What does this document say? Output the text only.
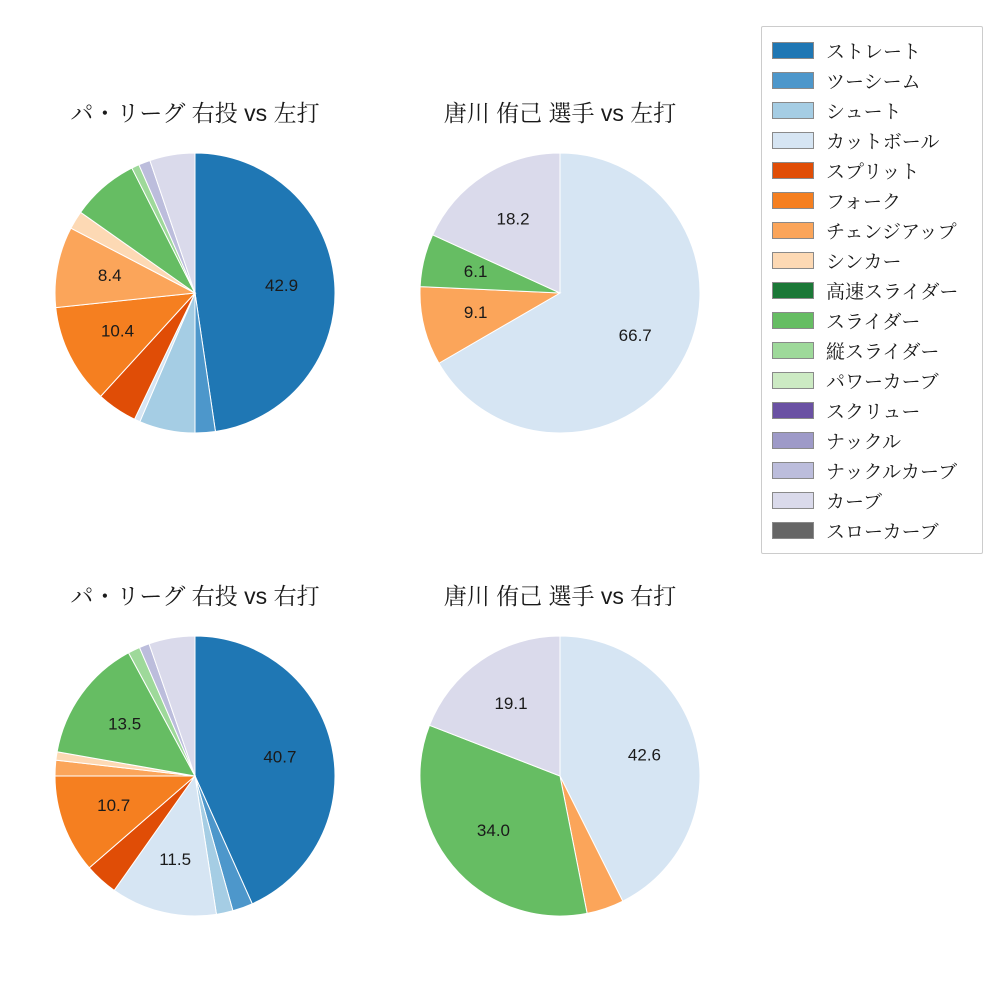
パ・リーグ 右投 vs 左打
42.9
10.4
8.4
唐川 侑己 選手 vs 左打
66.7
9.1
6.1
18.2
パ・リーグ 右投 vs 右打
40.7
11.5
10.7
13.5
唐川 侑己 選手 vs 右打
42.6
34.0
19.1
ストレート
ツーシーム
シュート
カットボール
スプリット
フォーク
チェンジアップ
シンカー
高速スライダー
スライダー
縦スライダー
パワーカーブ
スクリュー
ナックル
ナックルカーブ
カーブ
スローカーブ
